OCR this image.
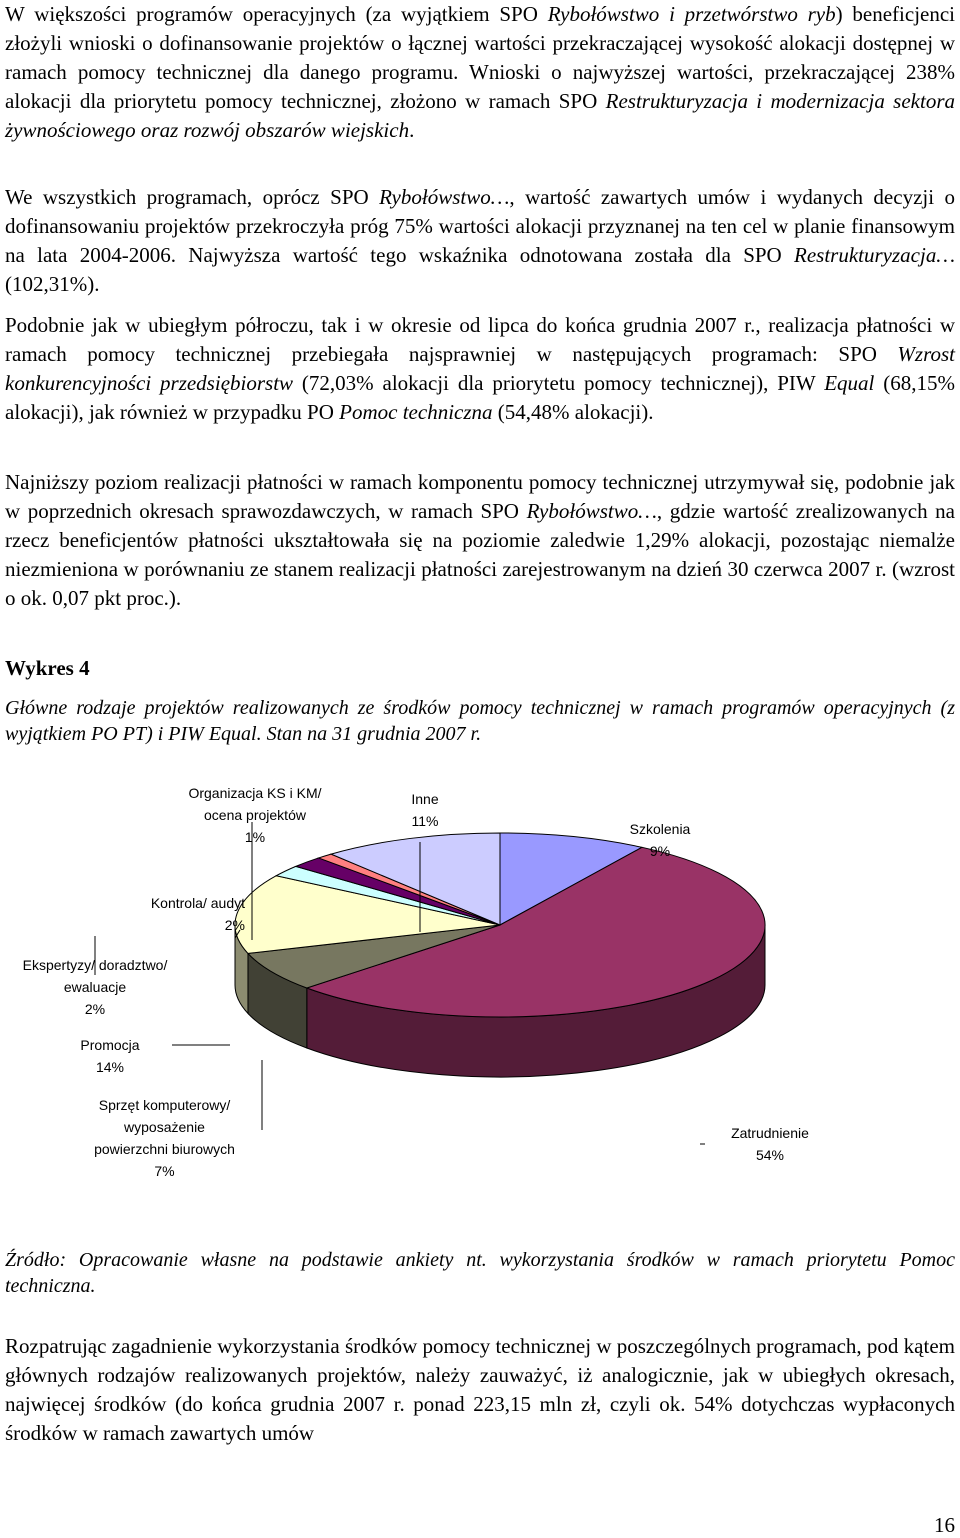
W większości programów operacyjnych (za wyjątkiem SPO Rybołówstwo i przetwórstwo ryb) beneficjenci złożyli wnioski o dofinansowanie projektów o łącznej wartości przekraczającej wysokość alokacji dostępnej w ramach pomocy technicznej dla danego programu. Wnioski o najwyższej wartości, przekraczającej 238% alokacji dla priorytetu pomocy technicznej, złożono w ramach SPO Restrukturyzacja i modernizacja sektora żywnościowego oraz rozwój obszarów wiejskich.

We wszystkich programach, oprócz SPO Rybołówstwo…, wartość zawartych umów i wydanych decyzji o dofinansowaniu projektów przekroczyła próg 75% wartości alokacji przyznanej na ten cel w planie finansowym na lata 2004-2006. Najwyższa wartość tego wskaźnika odnotowana została dla SPO Restrukturyzacja… (102,31%).

Podobnie jak w ubiegłym półroczu, tak i w okresie od lipca do końca grudnia 2007 r., realizacja płatności w ramach pomocy technicznej przebiegała najsprawniej w następujących programach: SPO Wzrost konkurencyjności przedsiębiorstw (72,03% alokacji dla priorytetu pomocy technicznej), PIW Equal (68,15% alokacji), jak również w przypadku PO Pomoc techniczna (54,48% alokacji).

Najniższy poziom realizacji płatności w ramach komponentu pomocy technicznej utrzymywał się, podobnie jak w poprzednich okresach sprawozdawczych, w ramach SPO Rybołówstwo…, gdzie wartość zrealizowanych na rzecz beneficjentów płatności ukształtowała się na poziomie zaledwie 1,29% alokacji, pozostając niemalże niezmieniona w porównaniu ze stanem realizacji płatności zarejestrowanym na dzień 30 czerwca 2007 r. (wzrost o ok. 0,07 pkt proc.).

Wykres 4

Główne rodzaje projektów realizowanych ze środków pomocy technicznej w ramach programów operacyjnych (z wyjątkiem PO PT) i PIW Equal. Stan na 31 grudnia 2007 r.

Organizacja KS i KM/
ocena projektów
1%
Inne
11%	Szkolenia
9%
Kontrola/ audyt
2%
Ekspertyzy/ doradztwo/
ewaluacje
2%
Promocja
14%
Sprzęt komputerowy/
wyposażenie
powierzchni biurowych
7%
Zatrudnienie
54%

Źródło: Opracowanie własne na podstawie ankiety nt. wykorzystania środków w ramach priorytetu Pomoc techniczna.

Rozpatrując zagadnienie wykorzystania środków pomocy technicznej w poszczególnych programach, pod kątem głównych rodzajów realizowanych projektów, należy zauważyć, iż analogicznie, jak w ubiegłych okresach, najwięcej środków (do końca grudnia 2007 r. ponad 223,15 mln zł, czyli ok. 54% dotychczas wypłaconych środków w ramach zawartych umów

16
